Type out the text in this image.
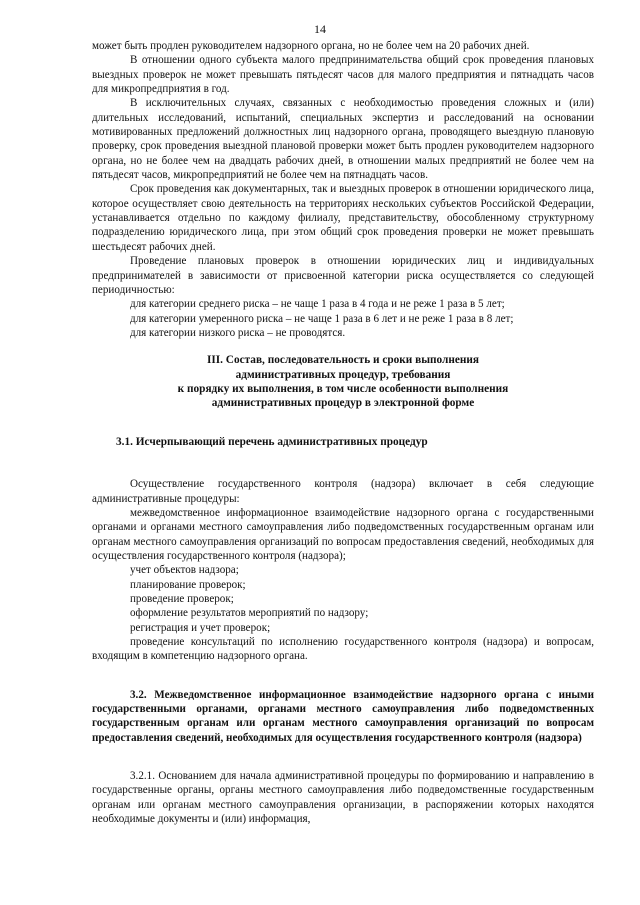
14

может быть продлен руководителем надзорного органа, но не более чем на 20 рабочих дней.

В отношении одного субъекта малого предпринимательства общий срок проведения плановых выездных проверок не может превышать пятьдесят часов для малого предприятия и пятнадцать часов для микропредприятия в год.

В исключительных случаях, связанных с необходимостью проведения сложных и (или) длительных исследований, испытаний, специальных экспертиз и расследований на основании мотивированных предложений должностных лиц надзорного органа, проводящего выездную плановую проверку, срок проведения выездной плановой проверки может быть продлен руководителем надзорного органа, но не более чем на двадцать рабочих дней, в отношении малых предприятий не более чем на пятьдесят часов, микропредприятий не более чем на пятнадцать часов.

Срок проведения как документарных, так и выездных проверок в отношении юридического лица, которое осуществляет свою деятельность на территориях нескольких субъектов Российской Федерации, устанавливается отдельно по каждому филиалу, представительству, обособленному структурному подразделению юридического лица, при этом общий срок проведения проверки не может превышать шестьдесят рабочих дней.

Проведение плановых проверок в отношении юридических лиц и индивидуальных предпринимателей в зависимости от присвоенной категории риска осуществляется со следующей периодичностью:

для категории среднего риска – не чаще 1 раза в 4 года и не реже 1 раза в 5 лет;

для категории умеренного риска – не чаще 1 раза в 6 лет и не реже 1 раза в 8 лет;

для категории низкого риска – не проводятся.

III. Состав, последовательность и сроки выполнения
административных процедур, требования
к порядку их выполнения, в том числе особенности выполнения
административных процедур в электронной форме
3.1. Исчерпывающий перечень административных процедур

Осуществление государственного контроля (надзора) включает в себя следующие административные процедуры:

межведомственное информационное взаимодействие надзорного органа с государственными органами и органами местного самоуправления либо подведомственных государственным органам или органам местного самоуправления организаций по вопросам предоставления сведений, необходимых для осуществления государственного контроля (надзора);

учет объектов надзора;

планирование проверок;

проведение проверок;

оформление результатов мероприятий по надзору;

регистрация и учет проверок;

проведение консультаций по исполнению государственного контроля (надзора) и вопросам, входящим в компетенцию надзорного органа.

3.2. Межведомственное информационное взаимодействие надзорного органа с иными государственными органами, органами местного самоуправления либо подведомственных государственным органам или органам местного самоуправления организаций по вопросам предоставления сведений, необходимых для осуществления государственного контроля (надзора)

3.2.1. Основанием для начала административной процедуры по формированию и направлению в государственные органы, органы местного самоуправления либо подведомственные государственным органам или органам местного самоуправления организации, в распоряжении которых находятся необходимые документы и (или) информация,
